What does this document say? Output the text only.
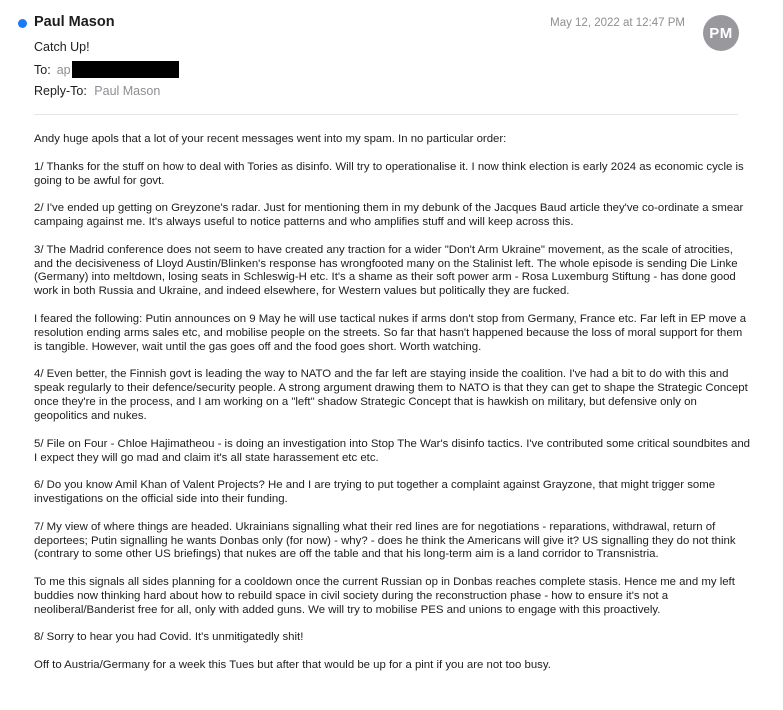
Paul Mason	May 12, 2022 at 12:47 PM
PM
Catch Up!
To: ap
Reply-To: Paul Mason

Andy huge apols that a lot of your recent messages went into my spam. In no particular order:

1/ Thanks for the stuff on how to deal with Tories as disinfo. Will try to operationalise it. I now think election is early 2024 as economic cycle is going to be awful for govt.

2/ I've ended up getting on Greyzone's radar. Just for mentioning them in my debunk of the Jacques Baud article they've co-ordinate a smear campaing against me. It's always useful to notice patterns and who amplifies stuff and will keep across this.

3/ The Madrid conference does not seem to have created any traction for a wider "Don't Arm Ukraine" movement, as the scale of atrocities, and the decisiveness of Lloyd Austin/Blinken's response has wrongfooted many on the Stalinist left. The whole episode is sending Die Linke (Germany) into meltdown, losing seats in Schleswig-H etc. It's a shame as their soft power arm - Rosa Luxemburg Stiftung - has done good work in both Russia and Ukraine, and indeed elsewhere, for Western values but politically they are fucked.

I feared the following: Putin announces on 9 May he will use tactical nukes if arms don't stop from Germany, France etc. Far left in EP move a resolution ending arms sales etc, and mobilise people on the streets. So far that hasn't happened because the loss of moral support for them is tangible. However, wait until the gas goes off and the food goes short. Worth watching.

4/ Even better, the Finnish govt is leading the way to NATO and the far left are staying inside the coalition. I've had a bit to do with this and speak regularly to their defence/security people. A strong argument drawing them to NATO is that they can get to shape the Strategic Concept once they're in the process, and I am working on a "left" shadow Strategic Concept that is hawkish on military, but defensive only on geopolitics and nukes.

5/ File on Four - Chloe Hajimatheou - is doing an investigation into Stop The War's disinfo tactics. I've contributed some critical soundbites and I expect they will go mad and claim it's all state harassement etc etc.

6/ Do you know Amil Khan of Valent Projects? He and I are trying to put together a complaint against Grayzone, that might trigger some investigations on the official side into their funding.

7/ My view of where things are headed. Ukrainians signalling what their red lines are for negotiations - reparations, withdrawal, return of deportees; Putin signalling he wants Donbas only (for now) - why? - does he think the Americans will give it? US signalling they do not think (contrary to some other US briefings) that nukes are off the table and that his long-term aim is a land corridor to Transnistria.

To me this signals all sides planning for a cooldown once the current Russian op in Donbas reaches complete stasis. Hence me and my left buddies now thinking hard about how to rebuild space in civil society during the reconstruction phase - how to ensure it's not a neoliberal/Banderist free for all, only with added guns. We will try to mobilise PES and unions to engage with this proactively.

8/ Sorry to hear you had Covid. It's unmitigatedly shit!

Off to Austria/Germany for a week this Tues but after that would be up for a pint if you are not too busy.
